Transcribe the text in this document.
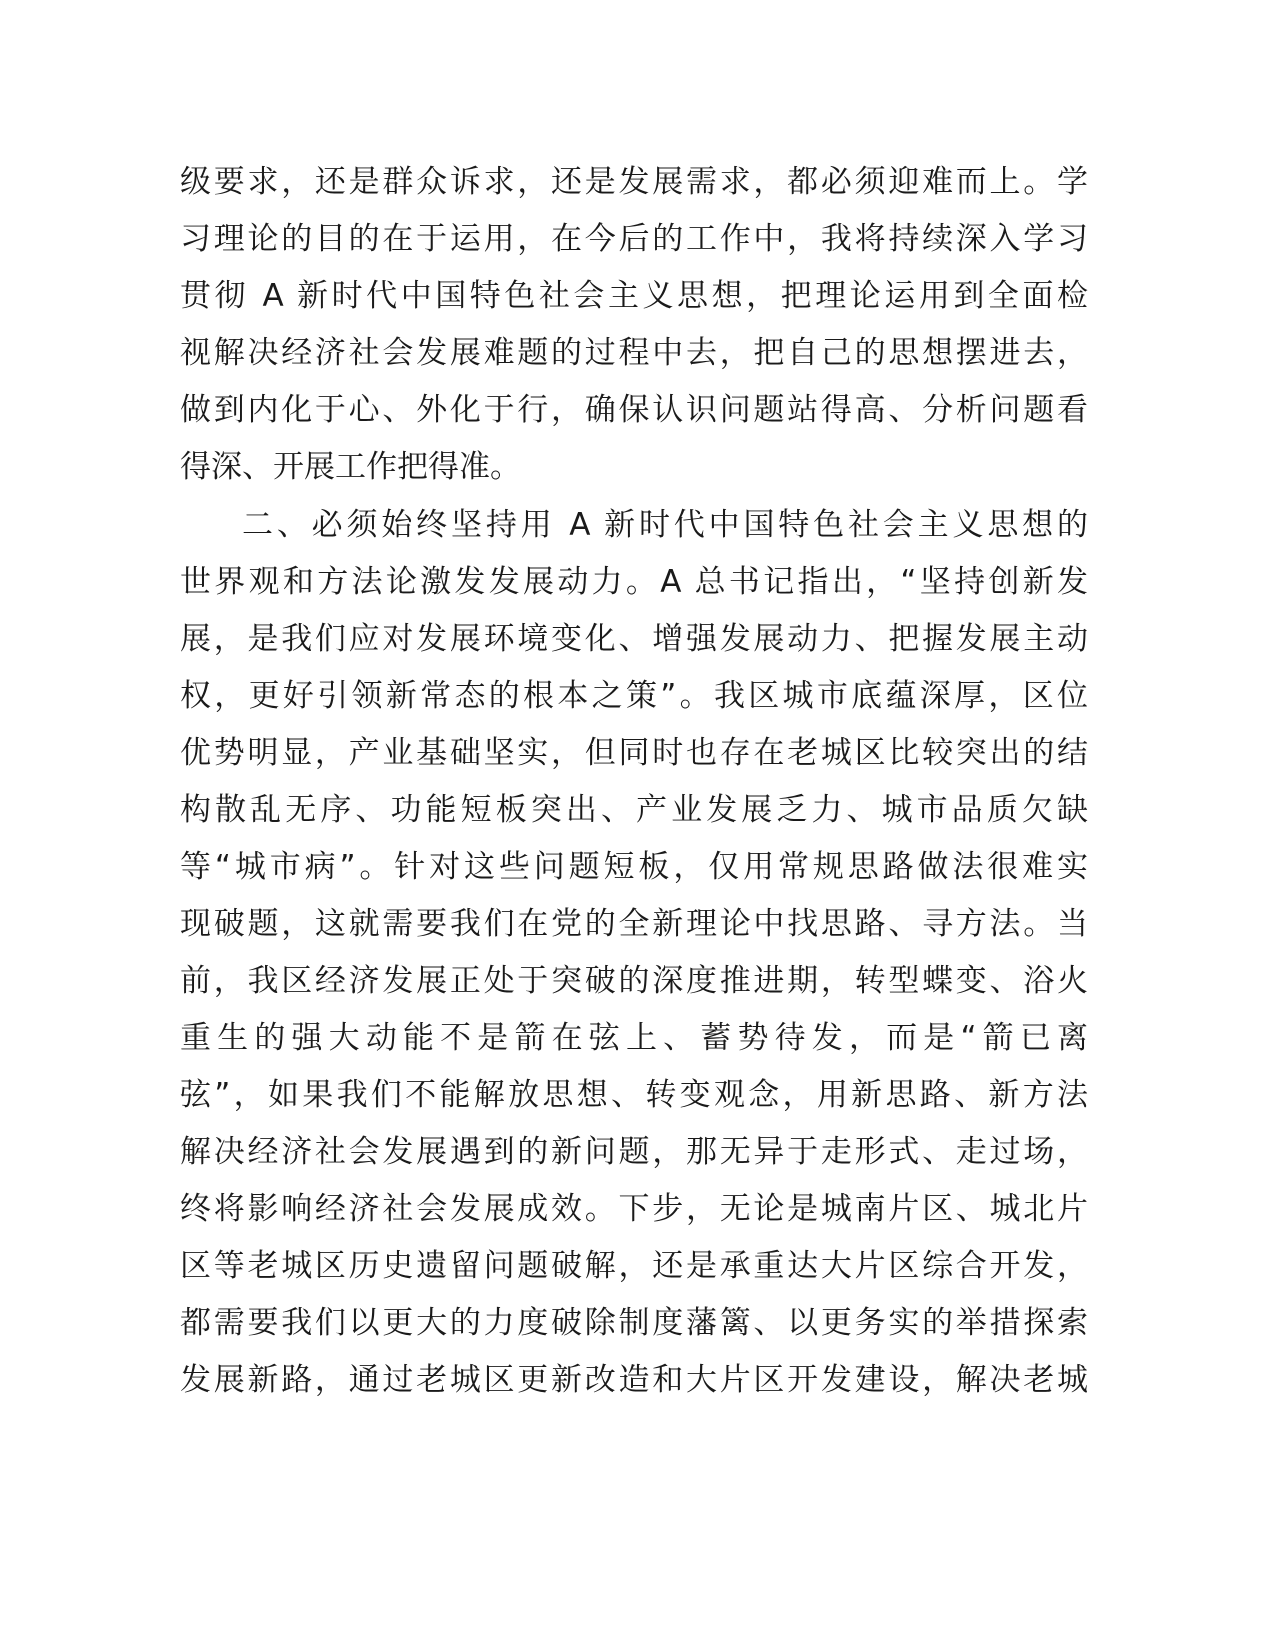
级要求，还是群众诉求，还是发展需求，都必须迎难而上。学
习理论的目的在于运用，在今后的工作中，我将持续深入学习
贯彻 A 新时代中国特色社会主义思想，把理论运用到全面检
视解决经济社会发展难题的过程中去，把自己的思想摆进去，
做到内化于心、外化于行，确保认识问题站得高、分析问题看
得深、开展工作把得准。
二、必须始终坚持用 A 新时代中国特色社会主义思想的
世界观和方法论激发发展动力。A 总书记指出，“坚持创新发
展，是我们应对发展环境变化、增强发展动力、把握发展主动
权，更好引领新常态的根本之策”。我区城市底蕴深厚，区位
优势明显，产业基础坚实，但同时也存在老城区比较突出的结
构散乱无序、功能短板突出、产业发展乏力、城市品质欠缺
等“城市病”。针对这些问题短板，仅用常规思路做法很难实
现破题，这就需要我们在党的全新理论中找思路、寻方法。当
前，我区经济发展正处于突破的深度推进期，转型蝶变、浴火
重生的强大动能不是箭在弦上、蓄势待发，而是“箭已离
弦”，如果我们不能解放思想、转变观念，用新思路、新方法
解决经济社会发展遇到的新问题，那无异于走形式、走过场，
终将影响经济社会发展成效。下步，无论是城南片区、城北片
区等老城区历史遗留问题破解，还是承重达大片区综合开发，
都需要我们以更大的力度破除制度藩篱、以更务实的举措探索
发展新路，通过老城区更新改造和大片区开发建设，解决老城
